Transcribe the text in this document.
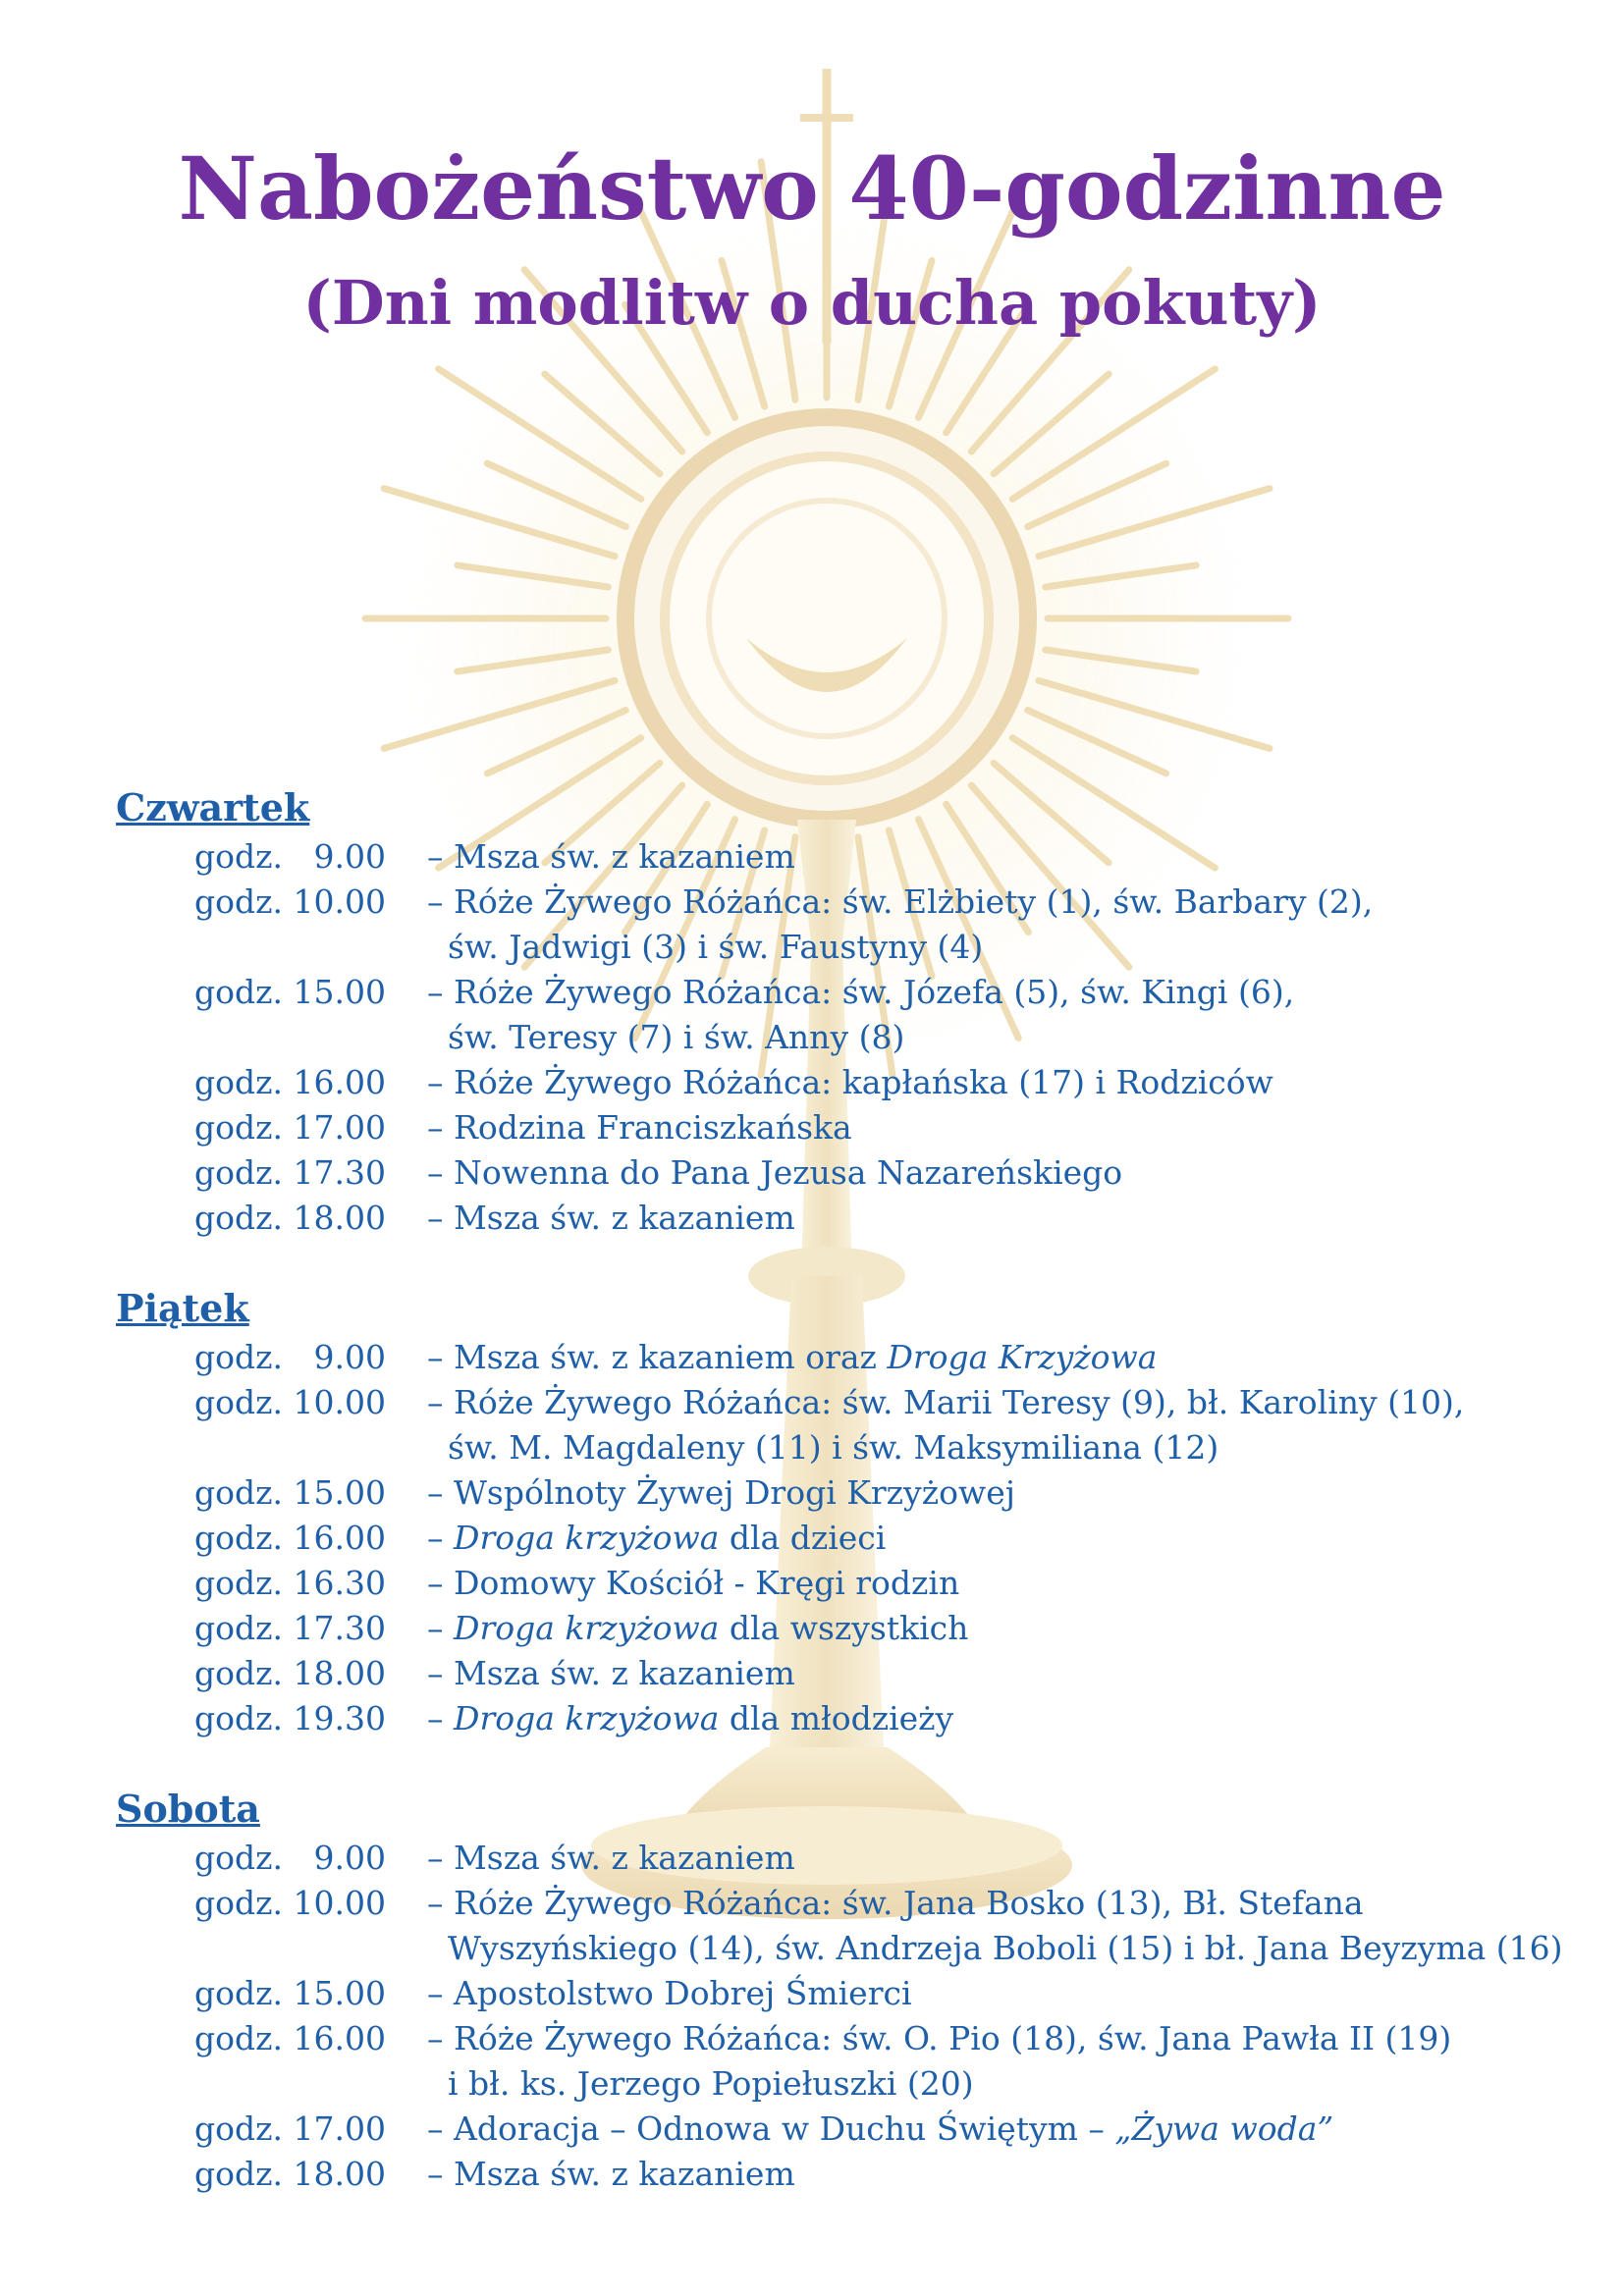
Nabożeństwo 40-godzinne
(Dni modlitw o ducha pokuty)
Czwartek
godz.   9.00 – Msza św. z kazaniem
godz. 10.00 – Róże Żywego Różańca: św. Elżbiety (1), św. Barbary (2),
św. Jadwigi (3) i św. Faustyny (4)
godz. 15.00 – Róże Żywego Różańca: św. Józefa (5), św. Kingi (6),
św. Teresy (7) i św. Anny (8)
godz. 16.00 – Róże Żywego Różańca: kapłańska (17) i Rodziców
godz. 17.00 – Rodzina Franciszkańska
godz. 17.30 – Nowenna do Pana Jezusa Nazareńskiego
godz. 18.00 – Msza św. z kazaniem
Piątek
godz.   9.00 – Msza św. z kazaniem oraz Droga Krzyżowa
godz. 10.00 – Róże Żywego Różańca: św. Marii Teresy (9), bł. Karoliny (10),
św. M. Magdaleny (11) i św. Maksymiliana (12)
godz. 15.00 – Wspólnoty Żywej Drogi Krzyżowej
godz. 16.00 – Droga krzyżowa dla dzieci
godz. 16.30 – Domowy Kościół - Kręgi rodzin
godz. 17.30 – Droga krzyżowa dla wszystkich
godz. 18.00 – Msza św. z kazaniem
godz. 19.30 – Droga krzyżowa dla młodzieży
Sobota
godz.   9.00 – Msza św. z kazaniem
godz. 10.00 – Róże Żywego Różańca: św. Jana Bosko (13), Bł. Stefana
Wyszyńskiego (14), św. Andrzeja Boboli (15) i bł. Jana Beyzyma (16)
godz. 15.00 – Apostolstwo Dobrej Śmierci
godz. 16.00 – Róże Żywego Różańca: św. O. Pio (18), św. Jana Pawła II (19)
i bł. ks. Jerzego Popiełuszki (20)
godz. 17.00 – Adoracja – Odnowa w Duchu Świętym – „Żywa woda”
godz. 18.00 – Msza św. z kazaniem
